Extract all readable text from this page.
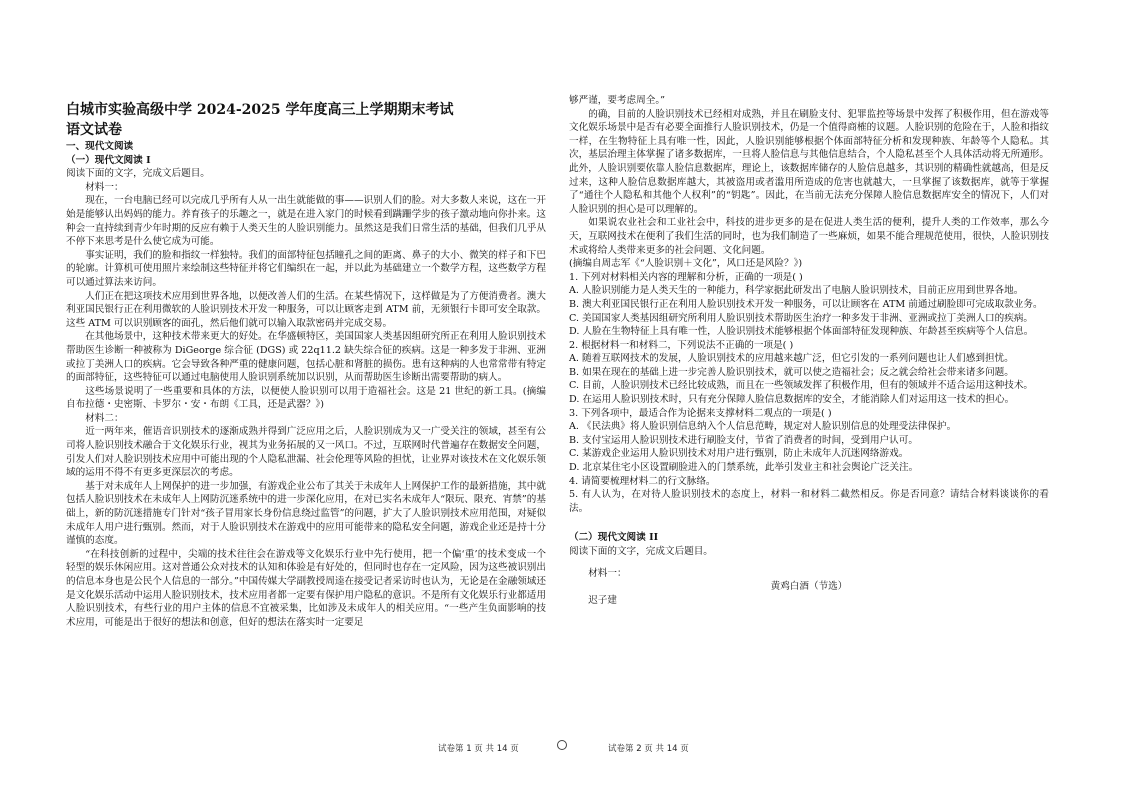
白城市实验高级中学 2024-2025 学年度高三上学期期末考试

语文试卷

一、现代文阅读

（一）现代文阅读 I

阅读下面的文字，完成文后题目。

材料一：

现在，一台电脑已经可以完成几乎所有人从一出生就能做的事——识别人们的脸。对大多数人来说，这在一开始是能够认出妈妈的能力。养育孩子的乐趣之一，就是在进入家门的时候看到蹒跚学步的孩子激动地向你扑来。这种会一直持续到青少年时期的反应有赖于人类天生的人脸识别能力。虽然这是我们日常生活的基础，但我们几乎从不停下来思考是什么使它成为可能。

事实证明，我们的脸和指纹一样独特。我们的面部特征包括瞳孔之间的距离、鼻子的大小、微笑的样子和下巴的轮廓。计算机可使用照片来绘制这些特征并将它们编织在一起，并以此为基础建立一个数学方程，这些数学方程可以通过算法来访问。

人们正在把这项技术应用到世界各地，以便改善人们的生活。在某些情况下，这样做是为了方便消费者。澳大利亚国民银行正在利用微软的人脸识别技术开发一种服务，可以让顾客走到 ATM 前，无须银行卡即可安全取款。这些 ATM 可以识别顾客的面孔，然后他们就可以输入取款密码并完成交易。

在其他场景中，这种技术带来更大的好处。在华盛顿特区，美国国家人类基因组研究所正在利用人脸识别技术帮助医生诊断一种被称为 DiGeorge 综合征 (DGS) 或 22q11.2 缺失综合征的疾病。这是一种多发于非洲、亚洲或拉丁美洲人口的疾病。它会导致各种严重的健康问题，包括心脏和肾脏的损伤。患有这种病的人也常常带有特定的面部特征，这些特征可以通过电脑使用人脸识别系统加以识别，从而帮助医生诊断出需要帮助的病人。

这些场景说明了一些重要和具体的方法，以便使人脸识别可以用于造福社会。这是 21 世纪的新工具。(摘编自布拉德・史密斯、卡罗尔・安・布朗《工具，还是武器？》)

材料二：

近一两年来，催语音识别技术的逐渐成熟并得到广泛应用之后，人脸识别成为又一广受关注的领域，甚至有公司将人脸识别技术融合于文化娱乐行业，视其为业务拓展的又一风口。不过，互联网时代普遍存在数据安全问题，引发人们对人脸识别技术应用中可能出现的个人隐私泄漏、社会伦理等风险的担忧，让业界对该技术在文化娱乐领域的运用不得不有更多更深层次的考虑。

基于对未成年人上网保护的进一步加强，有游戏企业公布了其关于未成年人上网保护工作的最新措施，其中就包括人脸识别技术在未成年人上网防沉迷系统中的进一步深化应用，在对已实名未成年人“限玩、限充、宵禁”的基础上，新的防沉迷措施专门针对“孩子冒用家长身份信息绕过监管”的问题，扩大了人脸识别技术应用范围，对疑似未成年人用户进行甄别。然而，对于人脸识别技术在游戏中的应用可能带来的隐私安全问题，游戏企业还是持十分谨慎的态度。

“在科技创新的过程中，尖端的技术往往会在游戏等文化娱乐行业中先行使用，把一个偏‘重’的技术变成一个轻型的娱乐休闲应用。这对普通公众对技术的认知和体验是有好处的，但同时也存在一定风险，因为这些被识别出的信息本身也是公民个人信息的一部分。”中国传媒大学副教授周逵在接受记者采访时也认为，无论是在金融领域还是文化娱乐活动中运用人脸识别技术，技术应用者都一定要有保护用户隐私的意识。不是所有文化娱乐行业都适用人脸识别技术，有些行业的用户主体的信息不宜被采集，比如涉及未成年人的相关应用。“一些产生负面影响的技术应用，可能是出于很好的想法和创意，但好的想法在落实时一定要足

够严谨，要考虑周全。”

的确，目前的人脸识别技术已经相对成熟，并且在刷脸支付、犯罪监控等场景中发挥了积极作用，但在游戏等文化娱乐场景中是否有必要全面推行人脸识别技术，仍是一个值得商榷的议题。人脸识别的危险在于，人脸和指纹一样，在生物特征上具有唯一性，因此，人脸识别能够根据个体面部特征分析和发现种族、年龄等个人隐私。其次，基层治理主体掌握了诸多数据库，一旦将人脸信息与其他信息结合，个人隐私甚至个人具体活动将无所遁形。此外，人脸识别要依靠人脸信息数据库，理论上，该数据库储存的人脸信息越多，其识别的精确性就越高，但是反过来，这种人脸信息数据库越大，其被盗用或者滥用所造成的危害也就越大，一旦掌握了该数据库，就等于掌握了“通往个人隐私和其他个人权利”的“钥匙”。因此，在当前无法充分保障人脸信息数据库安全的情况下，人们对人脸识别的担心是可以理解的。

如果说农业社会和工业社会中，科技的进步更多的是在促进人类生活的便利，提升人类的工作效率，那么今天，互联网技术在便利了我们生活的同时，也为我们制造了一些麻烦，如果不能合理规范使用，很快，人脸识别技术或将给人类带来更多的社会问题、文化问题。

(摘编自周志军《“人脸识别＋文化”，风口还是风险？》)

1. 下列对材料相关内容的理解和分析，正确的一项是( )

A. 人脸识别能力是人类天生的一种能力，科学家据此研发出了电脑人脸识别技术，目前正应用到世界各地。

B. 澳大利亚国民银行正在利用人脸识别技术开发一种服务，可以让顾客在 ATM 前通过刷脸即可完成取款业务。

C. 美国国家人类基因组研究所利用人脸识别技术帮助医生治疗一种多发于非洲、亚洲或拉丁美洲人口的疾病。

D. 人脸在生物特征上具有唯一性，人脸识别技术能够根据个体面部特征发现种族、年龄甚至疾病等个人信息。

2. 根据材料一和材料二，下列说法不正确的一项是( )

A. 随着互联网技术的发展，人脸识别技术的应用越来越广泛，但它引发的一系列问题也让人们感到担忧。

B. 如果在现在的基础上进一步完善人脸识别技术，就可以使之造福社会；反之就会给社会带来诸多问题。

C. 目前，人脸识别技术已经比较成熟，而且在一些领域发挥了积极作用，但有的领域并不适合运用这种技术。

D. 在运用人脸识别技术时，只有充分保障人脸信息数据库的安全，才能消除人们对运用这一技术的担心。

3. 下列各项中，最适合作为论据来支撑材料二观点的一项是( )

A. 《民法典》将人脸识别信息纳入个人信息范畴，规定对人脸识别信息的处理受法律保护。

B. 支付宝运用人脸识别技术进行刷脸支付，节省了消费者的时间，受到用户认可。

C. 某游戏企业运用人脸识别技术对用户进行甄别，防止未成年人沉迷网络游戏。

D. 北京某住宅小区设置刷脸进入的门禁系统，此举引发业主和社会舆论广泛关注。

4. 请简要梳理材料二的行文脉络。

5. 有人认为，在对待人脸识别技术的态度上，材料一和材料二截然相反。你是否同意？请结合材料谈谈你的看法。

（二）现代文阅读 II

阅读下面的文字，完成文后题目。

材料一：

黄鸡白酒（节选）

迟子建

试卷第 1 页 共 14 页	试卷第 2 页 共 14 页
